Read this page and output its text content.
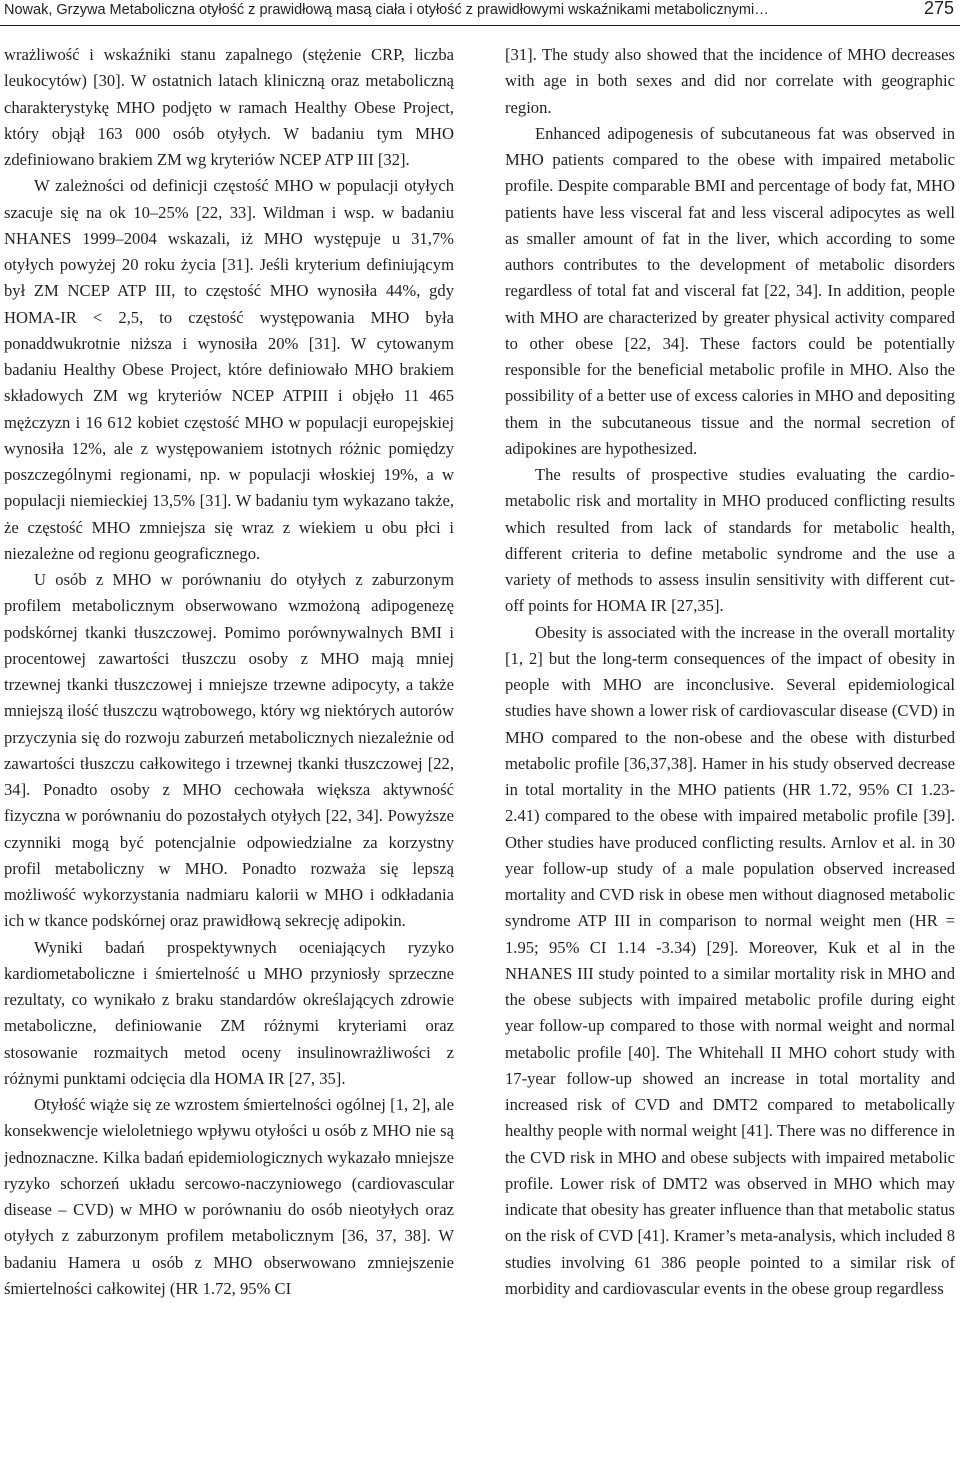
Nowak, Grzywa Metaboliczna otyłość z prawidłową masą ciała i otyłość z prawidłowymi wskaźnikami metabolicznymi…	275

wrażliwość i wskaźniki stanu zapalnego (stężenie CRP, liczba leukocytów) [30]. W ostatnich latach kliniczną oraz metaboliczną charakterystykę MHO podjęto w ramach Healthy Obese Project, który objął 163 000 osób otyłych. W badaniu tym MHO zdefiniowano brakiem ZM wg kryteriów NCEP ATP III [32].

W zależności od definicji częstość MHO w populacji otyłych szacuje się na ok 10–25% [22, 33]. Wildman i wsp. w badaniu NHANES 1999–2004 wskazali, iż MHO występuje u 31,7% otyłych powyżej 20 roku życia [31]. Jeśli kryterium definiującym był ZM NCEP ATP III, to częstość MHO wynosiła 44%, gdy HOMA-IR < 2,5, to częstość występowania MHO była ponaddwukrotnie niższa i wynosiła 20% [31]. W cytowanym badaniu Healthy Obese Project, które definiowało MHO brakiem składowych ZM wg kryteriów NCEP ATPIII i objęło 11 465 mężczyzn i 16 612 kobiet częstość MHO w populacji europejskiej wynosiła 12%, ale z występowaniem istotnych różnic pomiędzy poszczególnymi regionami, np. w populacji włoskiej 19%, a w populacji niemieckiej 13,5% [31]. W badaniu tym wykazano także, że częstość MHO zmniejsza się wraz z wiekiem u obu płci i niezależne od regionu geograficznego.

U osób z MHO w porównaniu do otyłych z zaburzonym profilem metabolicznym obserwowano wzmożoną adipogenezę podskórnej tkanki tłuszczowej. Pomimo porównywalnych BMI i procentowej zawartości tłuszczu osoby z MHO mają mniej trzewnej tkanki tłuszczowej i mniejsze trzewne adipocyty, a także mniejszą ilość tłuszczu wątrobowego, który wg niektórych autorów przyczynia się do rozwoju zaburzeń metabolicznych niezależnie od zawartości tłuszczu całkowitego i trzewnej tkanki tłuszczowej [22, 34]. Ponadto osoby z MHO cechowała większa aktywność fizyczna w porównaniu do pozostałych otyłych [22, 34]. Powyższe czynniki mogą być potencjalnie odpowiedzialne za korzystny profil metaboliczny w MHO. Ponadto rozważa się lepszą możliwość wykorzystania nadmiaru kalorii w MHO i odkładania ich w tkance podskórnej oraz prawidłową sekrecję adipokin.

Wyniki badań prospektywnych oceniających ryzyko kardiometaboliczne i śmiertelność u MHO przyniosły sprzeczne rezultaty, co wynikało z braku standardów określających zdrowie metaboliczne, definiowanie ZM różnymi kryteriami oraz stosowanie rozmaitych metod oceny insulinowrażliwości z różnymi punktami odcięcia dla HOMA IR [27, 35].

Otyłość wiąże się ze wzrostem śmiertelności ogólnej [1, 2], ale konsekwencje wieloletniego wpływu otyłości u osób z MHO nie są jednoznaczne. Kilka badań epidemiologicznych wykazało mniejsze ryzyko schorzeń układu sercowo-naczyniowego (cardiovascular disease – CVD) w MHO w porównaniu do osób nieotyłych oraz otyłych z zaburzonym profilem metabolicznym [36, 37, 38]. W badaniu Hamera u osób z MHO obserwowano zmniejszenie śmiertelności całkowitej (HR 1.72, 95% CI

[31]. The study also showed that the incidence of MHO decreases with age in both sexes and did nor correlate with geographic region.

Enhanced adipogenesis of subcutaneous fat was observed in MHO patients compared to the obese with impaired metabolic profile. Despite comparable BMI and percentage of body fat, MHO patients have less visceral fat and less visceral adipocytes as well as smaller amount of fat in the liver, which according to some authors contributes to the development of metabolic disorders regardless of total fat and visceral fat [22, 34]. In addition, people with MHO are characterized by greater physical activity compared to other obese [22, 34]. These factors could be potentially responsible for the beneficial metabolic profile in MHO. Also the possibility of a better use of excess calories in MHO and depositing them in the subcutaneous tissue and the normal secretion of adipokines are hypothesized.

The results of prospective studies evaluating the cardio-metabolic risk and mortality in MHO produced conflicting results which resulted from lack of standards for metabolic health, different criteria to define metabolic syndrome and the use a variety of methods to assess insulin sensitivity with different cut-off points for HOMA IR [27,35].

Obesity is associated with the increase in the overall mortality [1, 2] but the long-term consequences of the impact of obesity in people with MHO are inconclusive. Several epidemiological studies have shown a lower risk of cardiovascular disease (CVD) in MHO compared to the non-obese and the obese with disturbed metabolic profile [36,37,38]. Hamer in his study observed decrease in total mortality in the MHO patients (HR 1.72, 95% CI 1.23-2.41) compared to the obese with impaired metabolic profile [39]. Other studies have produced conflicting results. Arnlov et al. in 30 year follow-up study of a male population observed increased mortality and CVD risk in obese men without diagnosed metabolic syndrome ATP III in comparison to normal weight men (HR = 1.95; 95% CI 1.14 -3.34) [29]. Moreover, Kuk et al in the NHANES III study pointed to a similar mortality risk in MHO and the obese subjects with impaired metabolic profile during eight year follow-up compared to those with normal weight and normal metabolic profile [40]. The Whitehall II MHO cohort study with 17-year follow-up showed an increase in total mortality and increased risk of CVD and DMT2 compared to metabolically healthy people with normal weight [41]. There was no difference in the CVD risk in MHO and obese subjects with impaired metabolic profile. Lower risk of DMT2 was observed in MHO which may indicate that obesity has greater influence than that metabolic status on the risk of CVD [41]. Kramer’s meta-analysis, which included 8 studies involving 61 386 people pointed to a similar risk of morbidity and cardiovascular events in the obese group regardless
